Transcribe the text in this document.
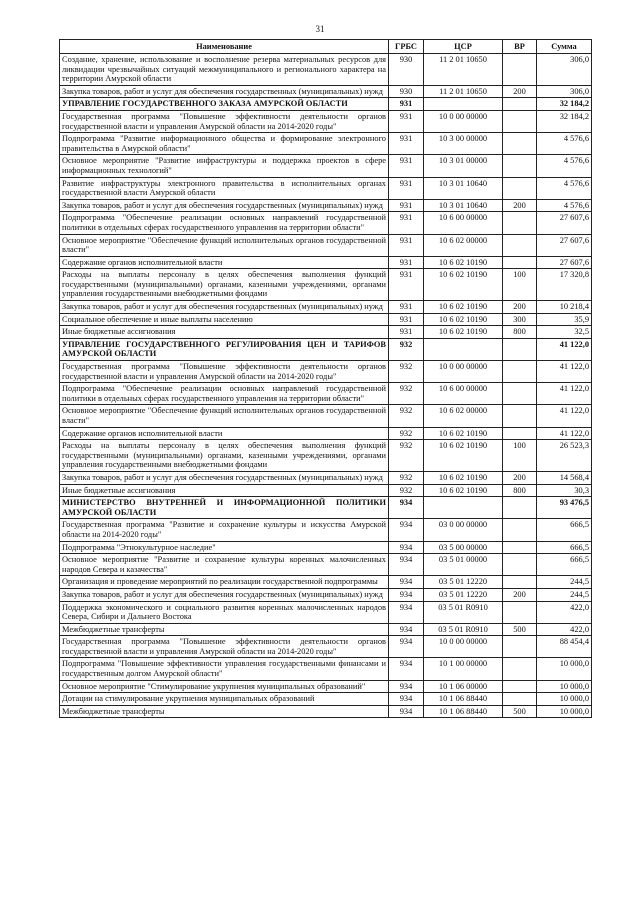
31
Наименование	ГРБС	ЦСР	ВР	Сумма
Создание, хранение, использование и восполнение резерва материальных ресурсов для ликвидации чрезвычайных ситуаций межмуниципального и регионального характера на территории Амурской области	930	11 2 01 10650		306,0
Закупка товаров, работ и услуг для обеспечения государственных (муниципальных) нужд	930	11 2 01 10650	200	306,0
УПРАВЛЕНИЕ ГОСУДАРСТВЕННОГО ЗАКАЗА АМУРСКОЙ ОБЛАСТИ	931			32 184,2
Государственная программа "Повышение эффективности деятельности органов государственной власти и управления Амурской области на 2014-2020 годы"	931	10 0 00 00000		32 184,2
Подпрограмма "Развитие информационного общества и формирование электронного правительства в Амурской области"	931	10 3 00 00000		4 576,6
Основное мероприятие "Развитие инфраструктуры и поддержка проектов в сфере информационных технологий"	931	10 3 01 00000		4 576,6
Развитие инфраструктуры электронного правительства в исполнительных органах государственной власти Амурской области	931	10 3 01 10640		4 576,6
Закупка товаров, работ и услуг для обеспечения государственных (муниципальных) нужд	931	10 3 01 10640	200	4 576,6
Подпрограмма "Обеспечение реализации основных направлений государственной политики в отдельных сферах государственного управления на территории области"	931	10 6 00 00000		27 607,6
Основное мероприятие "Обеспечение функций исполнительных органов государственной власти"	931	10 6 02 00000		27 607,6
Содержание органов исполнительной власти	931	10 6 02 10190		27 607,6
Расходы на выплаты персоналу в целях обеспечения выполнения функций государственными (муниципальными) органами, казенными учреждениями, органами управления государственными внебюджетными фондами	931	10 6 02 10190	100	17 320,8
Закупка товаров, работ и услуг для обеспечения государственных (муниципальных) нужд	931	10 6 02 10190	200	10 218,4
Социальное обеспечение и иные выплаты населению	931	10 6 02 10190	300	35,9
Иные бюджетные ассигнования	931	10 6 02 10190	800	32,5
УПРАВЛЕНИЕ ГОСУДАРСТВЕННОГО РЕГУЛИРОВАНИЯ ЦЕН И ТАРИФОВ АМУРСКОЙ ОБЛАСТИ	932			41 122,0
Государственная программа "Повышение эффективности деятельности органов государственной власти и управления Амурской области на 2014-2020 годы"	932	10 0 00 00000		41 122,0
Подпрограмма "Обеспечение реализации основных направлений государственной политики в отдельных сферах государственного управления на территории области"	932	10 6 00 00000		41 122,0
Основное мероприятие "Обеспечение функций исполнительных органов государственной власти"	932	10 6 02 00000		41 122,0
Содержание органов исполнительной власти	932	10 6 02 10190		41 122,0
Расходы на выплаты персоналу в целях обеспечения выполнения функций государственными (муниципальными) органами, казенными учреждениями, органами управления государственными внебюджетными фондами	932	10 6 02 10190	100	26 523,3
Закупка товаров, работ и услуг для обеспечения государственных (муниципальных) нужд	932	10 6 02 10190	200	14 568,4
Иные бюджетные ассигнования	932	10 6 02 10190	800	30,3
МИНИСТЕРСТВО ВНУТРЕННЕЙ И ИНФОРМАЦИОННОЙ ПОЛИТИКИ АМУРСКОЙ ОБЛАСТИ	934			93 476,5
Государственная программа "Развитие и сохранение культуры и искусства Амурской области на 2014-2020 годы"	934	03 0 00 00000		666,5
Подпрограмма "Этнокультурное наследие"	934	03 5 00 00000		666,5
Основное мероприятие "Развитие и сохранение культуры коренных малочисленных народов Севера и казачества"	934	03 5 01 00000		666,5
Организация и проведение мероприятий по реализации государственной подпрограммы	934	03 5 01 12220		244,5
Закупка товаров, работ и услуг для обеспечения государственных (муниципальных) нужд	934	03 5 01 12220	200	244,5
Поддержка экономического и социального развития коренных малочисленных народов Севера, Сибири и Дальнего Востока	934	03 5 01 R0910		422,0
Межбюджетные трансферты	934	03 5 01 R0910	500	422,0
Государственная программа "Повышение эффективности деятельности органов государственной власти и управления Амурской области на 2014-2020 годы"	934	10 0 00 00000		88 454,4
Подпрограмма "Повышение эффективности управления государственными финансами и государственным долгом Амурской области"	934	10 1 00 00000		10 000,0
Основное мероприятие "Стимулирование укрупнения муниципальных образований"	934	10 1 06 00000		10 000,0
Дотации на стимулирование укрупнения муниципальных образований	934	10 1 06 88440		10 000,0
Межбюджетные трансферты	934	10 1 06 88440	500	10 000,0
